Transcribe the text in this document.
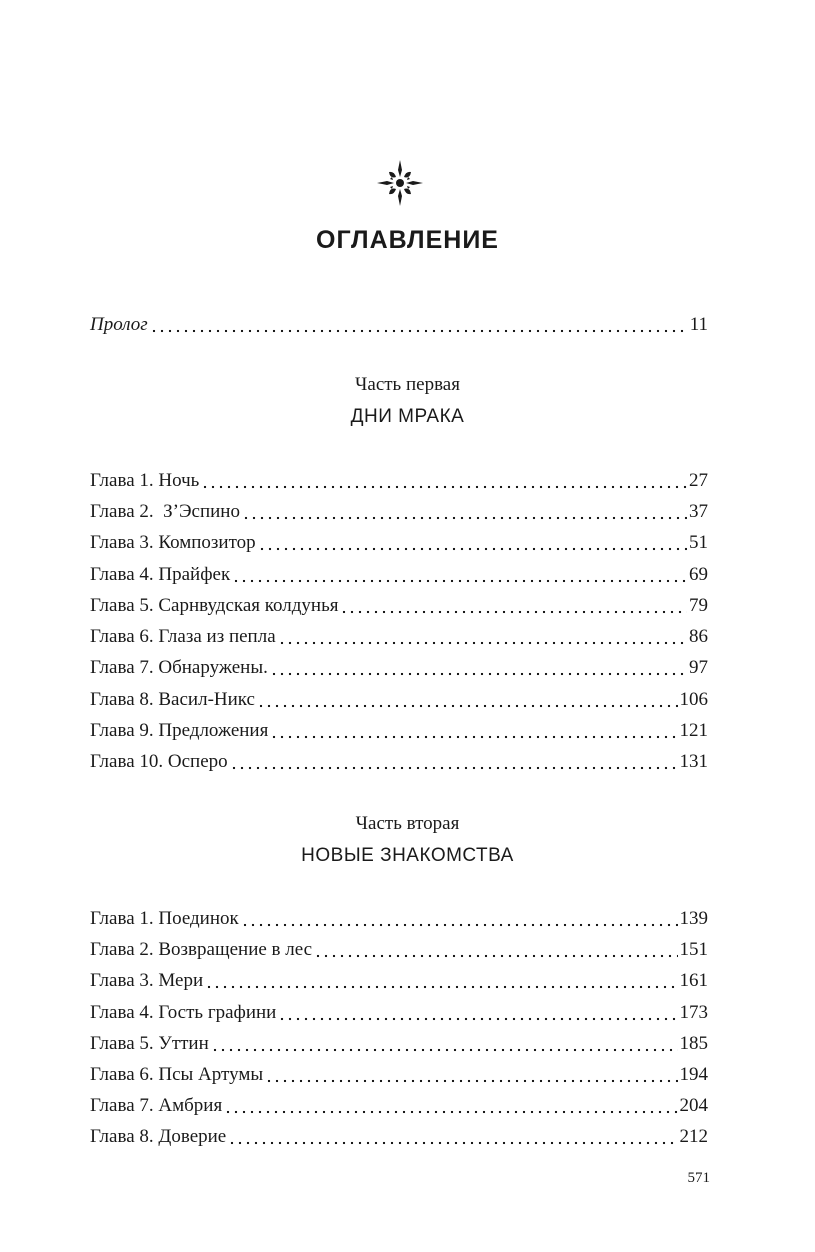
ОГЛАВЛЕНИЕ
Пролог	11
Часть первая
ДНИ МРАКА
Глава 1. Ночь	27
Глава 2.  З’Эспино	37
Глава 3. Композитор	51
Глава 4. Прайфек	69
Глава 5. Сарнвудская колдунья	79
Глава 6. Глаза из пепла	86
Глава 7. Обнаружены.	97
Глава 8. Васил-Никс	106
Глава 9. Предложения	121
Глава 10. Осперо	131
Часть вторая
НОВЫЕ ЗНАКОМСТВА
Глава 1. Поединок	139
Глава 2. Возвращение в лес	151
Глава 3. Мери	161
Глава 4. Гость графини	173
Глава 5. Уттин	185
Глава 6. Псы Артумы	194
Глава 7. Амбрия	204
Глава 8. Доверие	212
571
